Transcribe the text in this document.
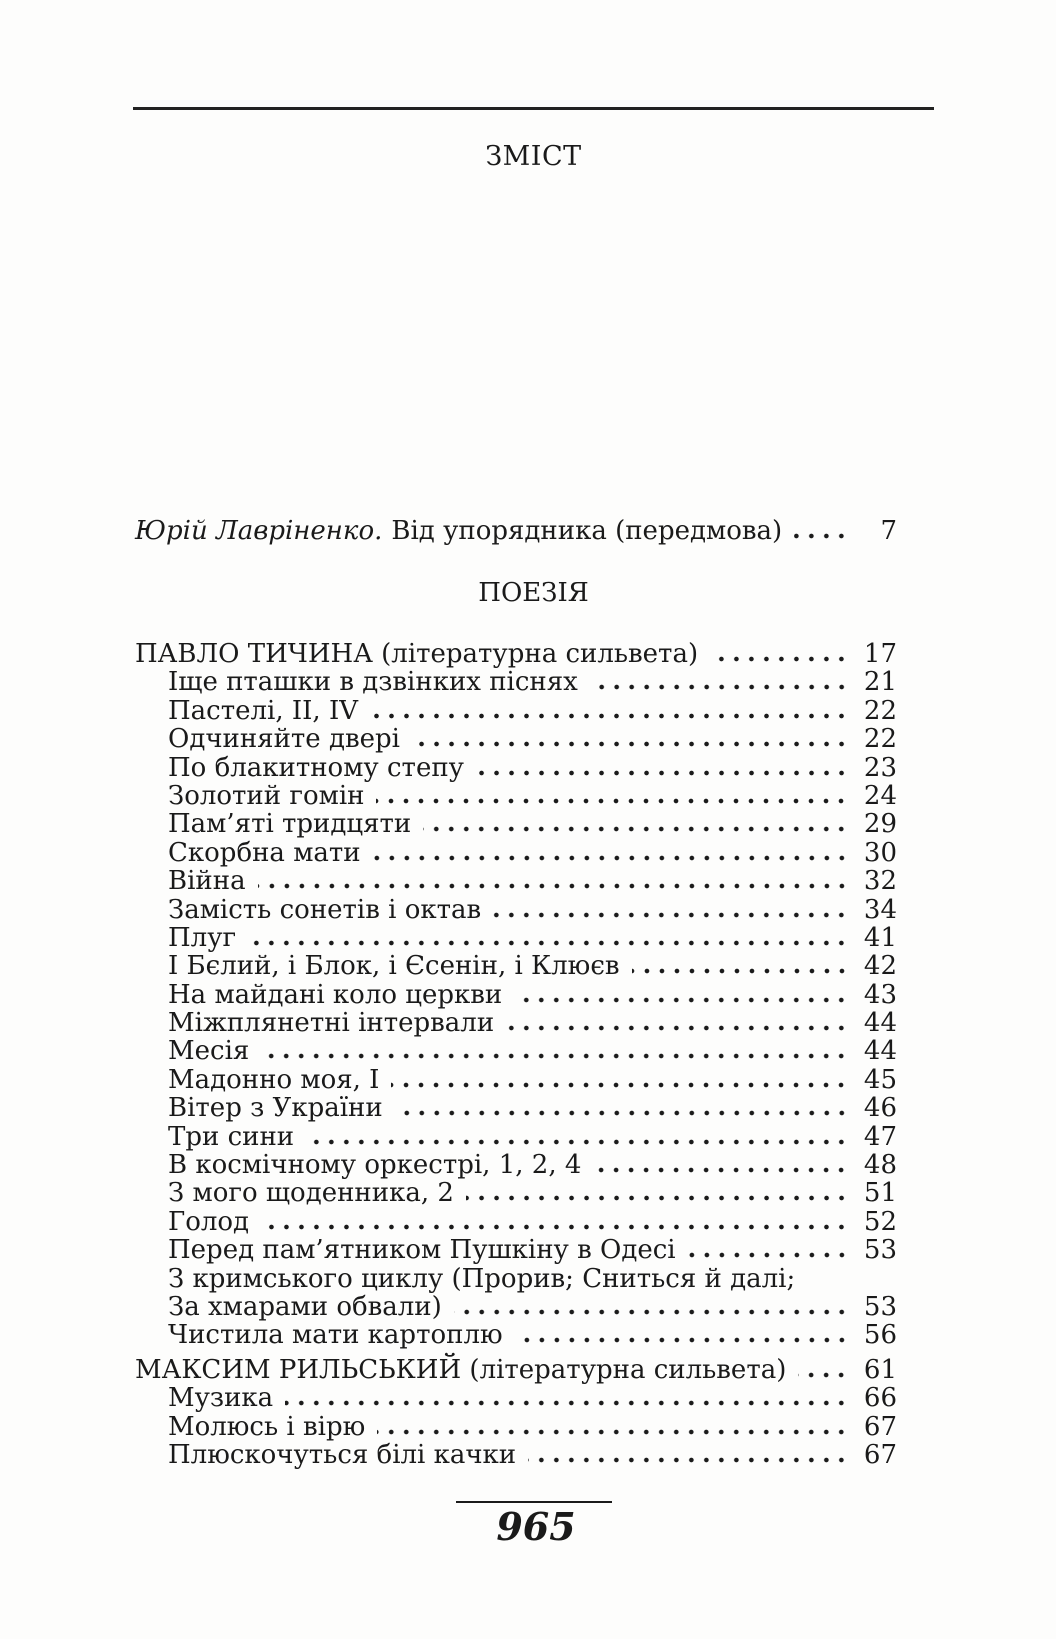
ЗМІСТ
Юрій Лавріненко. Від упорядника (передмова)	7
ПОЕЗІЯ
ПАВЛО ТИЧИНА (літературна сильвета)	17
Іще пташки в дзвінких піснях	21
Пастелі, II, IV	22
Одчиняйте двері	22
По блакитному степу	23
Золотий гомін	24
Пам’яті тридцяти	29
Скорбна мати	30
Війна	32
Замість сонетів і октав	34
Плуг	41
І Бєлий, і Блок, і Єсенін, і Клюєв	42
На майдані коло церкви	43
Міжплянетні інтервали	44
Месія	44
Мадонно моя, I	45
Вітер з України	46
Три сини	47
В космічному оркестрі, 1, 2, 4	48
З мого щоденника, 2	51
Голод	52
Перед пам’ятником Пушкіну в Одесі	53
З кримського циклу (Прорив; Сниться й далі;
За хмарами обвали)	53
Чистила мати картоплю	56
МАКСИМ РИЛЬСЬКИЙ (літературна сильвета)	61
Музика	66
Молюсь і вірю	67
Плюскочуться білі качки	67
965
